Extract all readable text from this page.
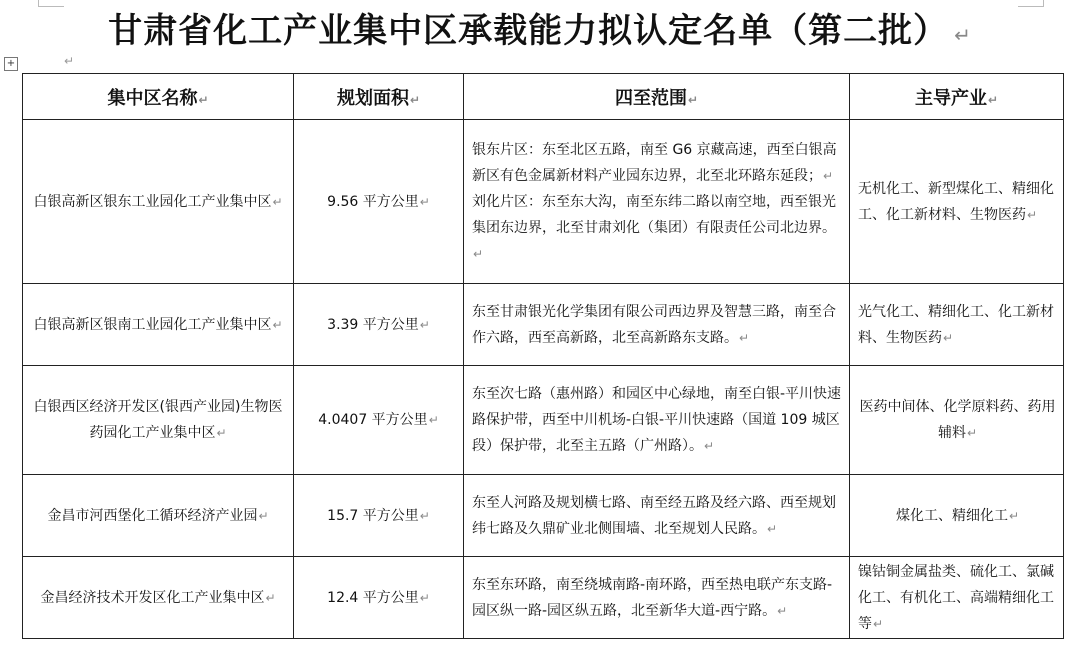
甘肃省化工产业集中区承载能力拟认定名单（第二批） ↵
+	↵
集中区名称↵	规划面积↵	四至范围↵	主导产业↵
白银高新区银东工业园化工产业集中区↵	9.56 平方公里↵	银东片区：东至北区五路，南至 G6 京藏高速，西至白银高新区有色金属新材料产业园东边界，北至北环路东延段；↵
刘化片区：东至东大沟，南至东纬二路以南空地，西至银光集团东边界，北至甘肃刘化（集团）有限责任公司北边界。↵	无机化工、新型煤化工、精细化工、化工新材料、生物医药↵
白银高新区银南工业园化工产业集中区↵	3.39 平方公里↵	东至甘肃银光化学集团有限公司西边界及智慧三路，南至合作六路，西至高新路，北至高新路东支路。↵	光气化工、精细化工、化工新材料、生物医药↵
白银西区经济开发区(银西产业园)生物医药园化工产业集中区↵	4.0407 平方公里↵	东至次七路（惠州路）和园区中心绿地，南至白银-平川快速路保护带，西至中川机场-白银-平川快速路（国道 109 城区段）保护带，北至主五路（广州路）。↵	医药中间体、化学原料药、药用辅料↵
金昌市河西堡化工循环经济产业园↵	15.7 平方公里↵	东至人河路及规划横七路、南至经五路及经六路、西至规划纬七路及久鼎矿业北侧围墙、北至规划人民路。↵	煤化工、精细化工↵
金昌经济技术开发区化工产业集中区↵	12.4 平方公里↵	东至东环路，南至绕城南路-南环路，西至热电联产东支路-园区纵一路-园区纵五路，北至新华大道-西宁路。↵	镍钴铜金属盐类、硫化工、氯碱化工、有机化工、高端精细化工等↵
